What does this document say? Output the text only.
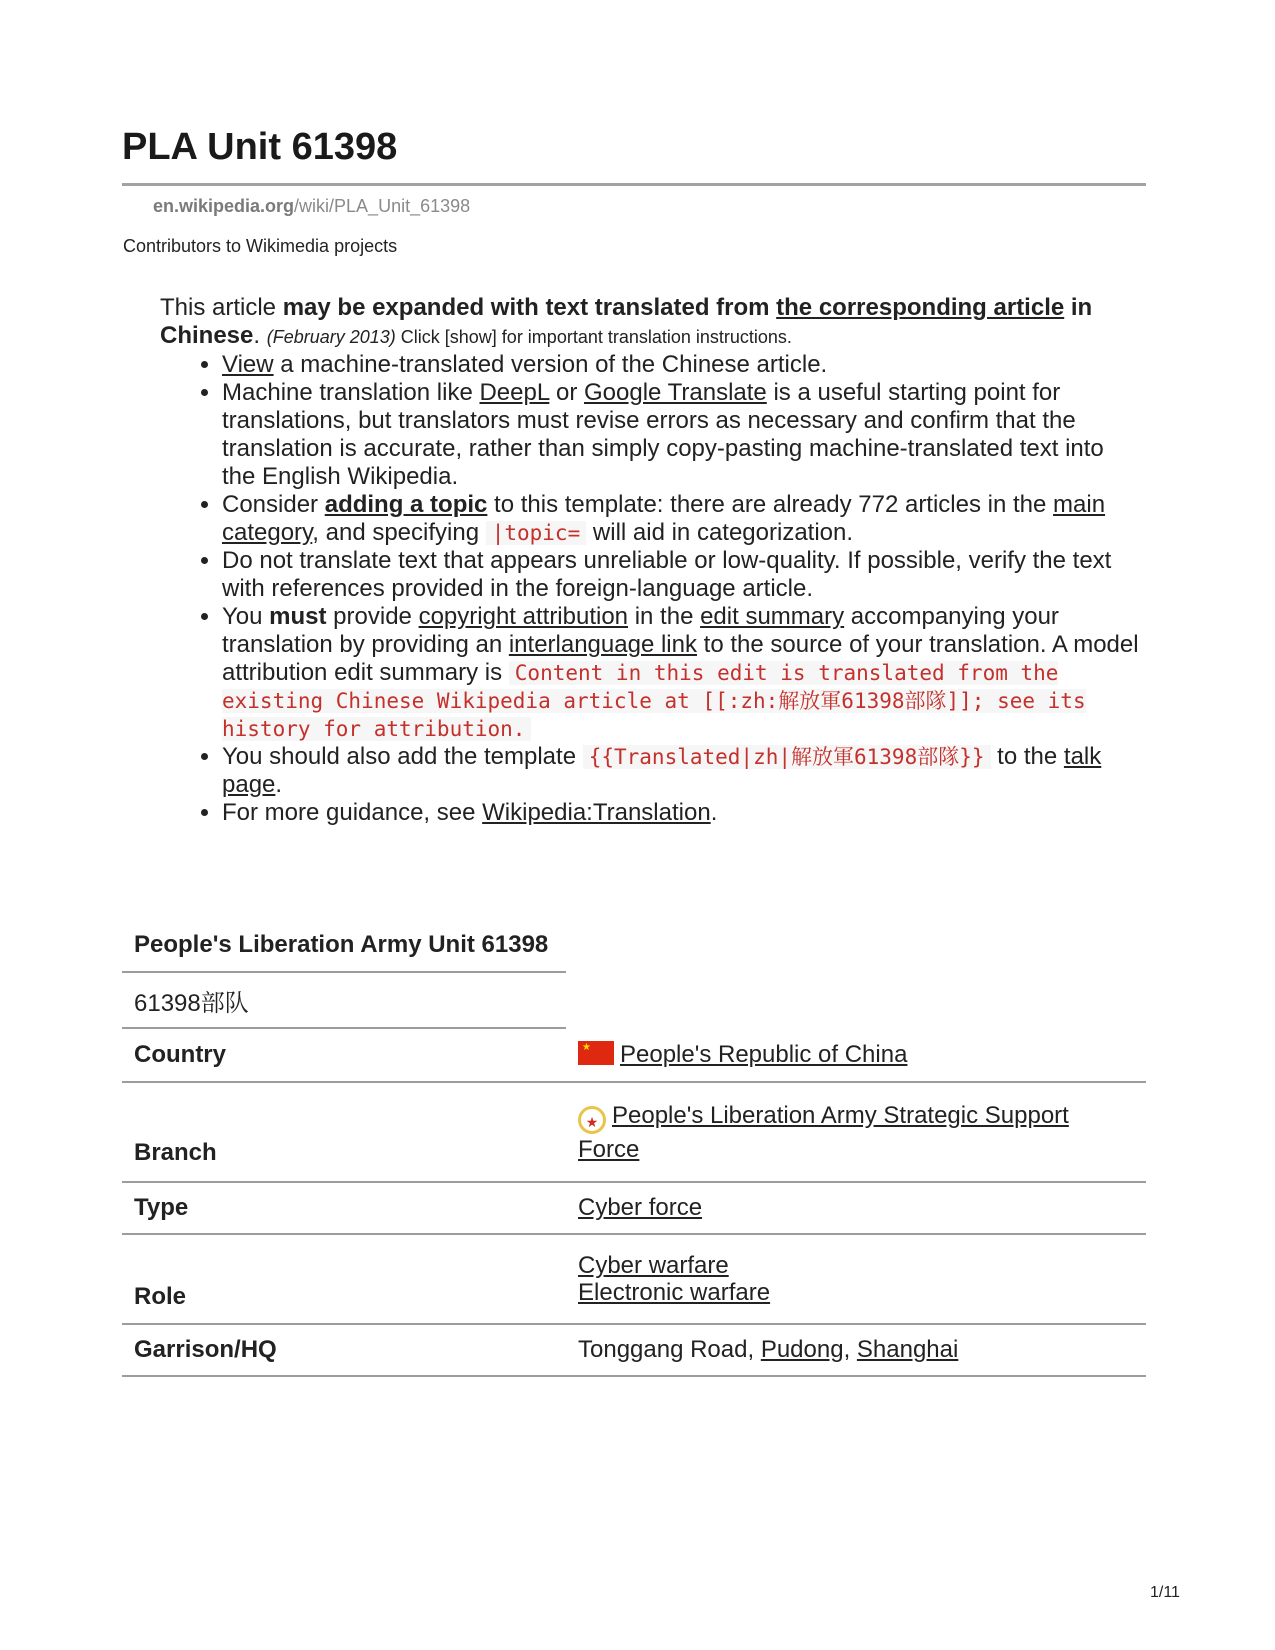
PLA Unit 61398
en.wikipedia.org/wiki/PLA_Unit_61398
Contributors to Wikimedia projects
This article may be expanded with text translated from the corresponding article in Chinese. (February 2013) Click [show] for important translation instructions.
• View a machine-translated version of the Chinese article.
• Machine translation like DeepL or Google Translate is a useful starting point for translations, but translators must revise errors as necessary and confirm that the translation is accurate, rather than simply copy-pasting machine-translated text into the English Wikipedia.
• Consider adding a topic to this template: there are already 772 articles in the main category, and specifying |topic= will aid in categorization.
• Do not translate text that appears unreliable or low-quality. If possible, verify the text with references provided in the foreign-language article.
• You must provide copyright attribution in the edit summary accompanying your translation by providing an interlanguage link to the source of your translation. A model attribution edit summary is Content in this edit is translated from the existing Chinese Wikipedia article at [[:zh:解放軍61398部隊]]; see its history for attribution.
• You should also add the template {{Translated|zh|解放軍61398部隊}} to the talk page.
• For more guidance, see Wikipedia:Translation.
People's Liberation Army Unit 61398	
61398部队	
Country	★ People's Republic of China
Branch	★ People's Liberation Army Strategic Support Force
Type	Cyber force
Role	Cyber warfare
Electronic warfare
Garrison/HQ	Tonggang Road, Pudong, Shanghai
1/11
